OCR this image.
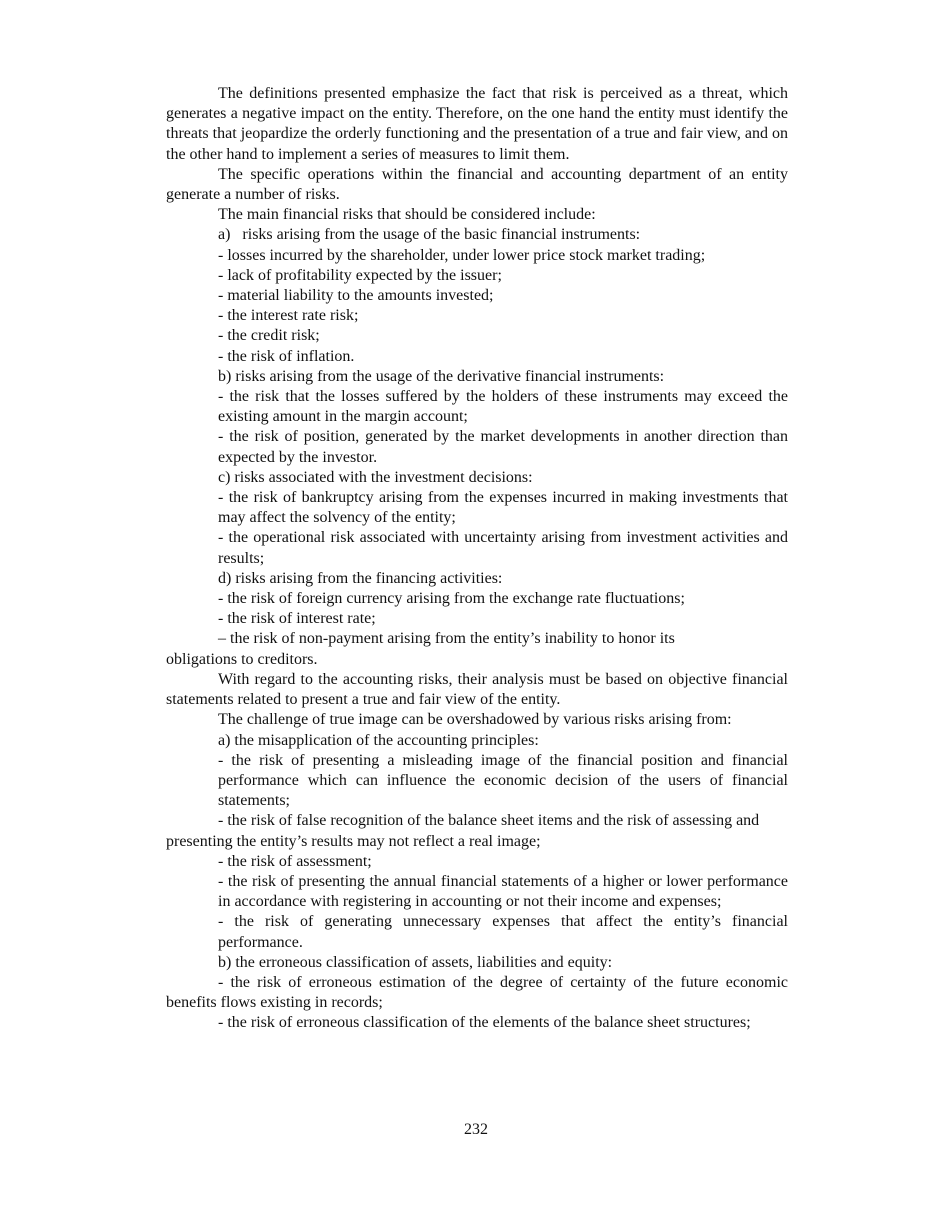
The definitions presented emphasize the fact that risk is perceived as a threat, which generates a negative impact on the entity. Therefore, on the one hand the entity must identify the threats that jeopardize the orderly functioning and the presentation of a true and fair view, and on the other hand to implement a series of measures to limit them.

The specific operations within the financial and accounting department of an entity generate a number of risks.

The main financial risks that should be considered include:

a)   risks arising from the usage of the basic financial instruments:

- losses incurred by the shareholder, under lower price stock market trading;

- lack of profitability expected by the issuer;

- material liability to the amounts invested;

- the interest rate risk;

- the credit risk;

- the risk of inflation.

b) risks arising from the usage of the derivative financial instruments:

- the risk that the losses suffered by the holders of these instruments may exceed the existing amount in the margin account;

- the risk of position, generated by the market developments in another direction than expected by the investor.

c) risks associated with the investment decisions:

- the risk of bankruptcy arising from the expenses incurred in making investments that may affect the solvency of the entity;

- the operational risk associated with uncertainty arising from investment activities and results;

d) risks arising from the financing activities:

- the risk of foreign currency arising from the exchange rate fluctuations;

- the risk of interest rate;

– the risk of non-payment arising from the entity’s inability to honor its
obligations to creditors.

With regard to the accounting risks, their analysis must be based on objective financial statements related to present a true and fair view of the entity.

The challenge of true image can be overshadowed by various risks arising from:

a) the misapplication of the accounting principles:

- the risk of presenting a misleading image of the financial position and financial performance which can influence the economic decision of the users of financial statements;

- the risk of false recognition of the balance sheet items and the risk of assessing and

presenting the entity’s results may not reflect a real image;

- the risk of assessment;

- the risk of presenting the annual financial statements of a higher or lower performance in accordance with registering in accounting or not their income and expenses;

- the risk of generating unnecessary expenses that affect the entity’s financial performance.

b) the erroneous classification of assets, liabilities and equity:

- the risk of erroneous estimation of the degree of certainty of the future economic benefits flows existing in records;

- the risk of erroneous classification of the elements of the balance sheet structures;

232
